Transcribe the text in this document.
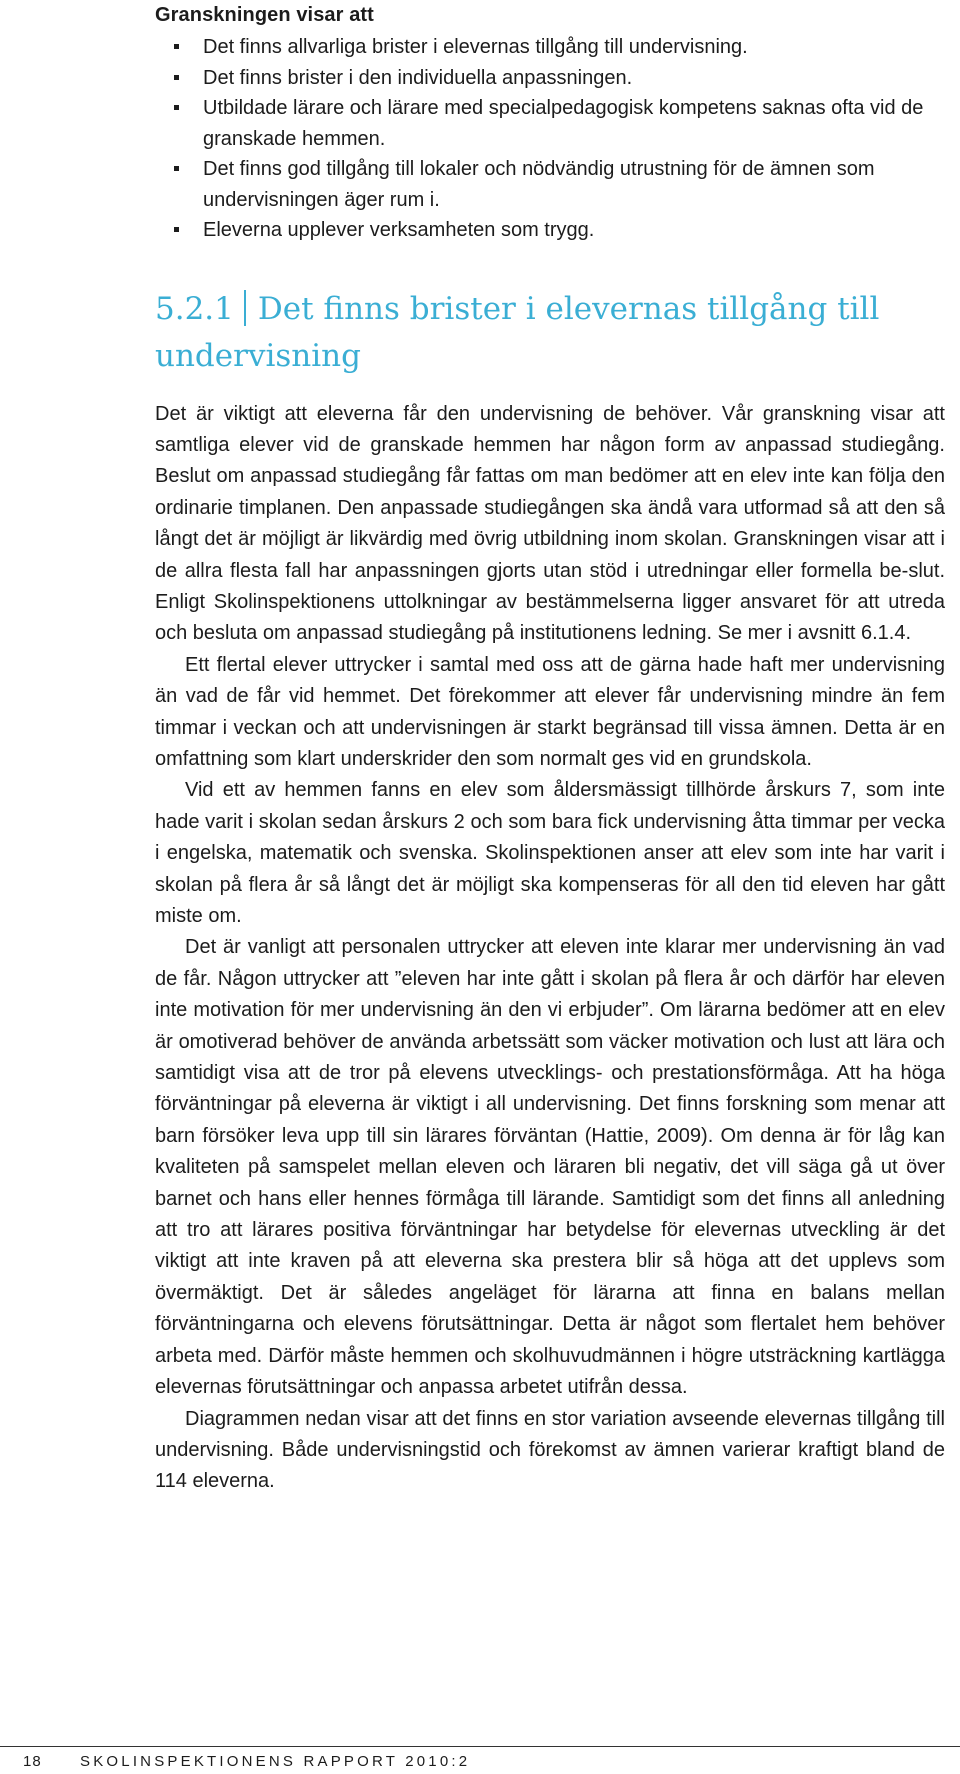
Granskningen visar att
Det finns allvarliga brister i elevernas tillgång till undervisning.
Det finns brister i den individuella anpassningen.
Utbildade lärare och lärare med specialpedagogisk kompetens saknas ofta vid de granskade hemmen.
Det finns god tillgång till lokaler och nödvändig utrustning för de ämnen som undervisningen äger rum i.
Eleverna upplever verksamheten som trygg.
5.2.1 Det finns brister i elevernas tillgång till undervisning

Det är viktigt att eleverna får den undervisning de behöver. Vår granskning visar att samtliga elever vid de granskade hemmen har någon form av anpassad studiegång. Beslut om anpassad studiegång får fattas om man bedömer att en elev inte kan följa den ordinarie timplanen. Den anpassade studiegången ska ändå vara utformad så att den så långt det är möjligt är likvärdig med övrig utbildning inom skolan. Granskningen visar att i de allra flesta fall har anpassningen gjorts utan stöd i utredningar eller formella be-slut. Enligt Skolinspektionens uttolkningar av bestämmelserna ligger ansvaret för att utreda och besluta om anpassad studiegång på institutionens ledning. Se mer i avsnitt 6.1.4.

Ett flertal elever uttrycker i samtal med oss att de gärna hade haft mer undervisning än vad de får vid hemmet. Det förekommer att elever får undervisning mindre än fem timmar i veckan och att undervisningen är starkt begränsad till vissa ämnen. Detta är en omfattning som klart underskrider den som normalt ges vid en grundskola.

Vid ett av hemmen fanns en elev som åldersmässigt tillhörde årskurs 7, som inte hade varit i skolan sedan årskurs 2 och som bara fick undervisning åtta timmar per vecka i engelska, matematik och svenska. Skolinspektionen anser att elev som inte har varit i skolan på flera år så långt det är möjligt ska kompenseras för all den tid eleven har gått miste om.

Det är vanligt att personalen uttrycker att eleven inte klarar mer undervisning än vad de får. Någon uttrycker att ”eleven har inte gått i skolan på flera år och därför har eleven inte motivation för mer undervisning än den vi erbjuder”. Om lärarna bedömer att en elev är omotiverad behöver de använda arbetssätt som väcker motivation och lust att lära och samtidigt visa att de tror på elevens utvecklings- och prestationsförmåga. Att ha höga förväntningar på eleverna är viktigt i all undervisning. Det finns forskning som menar att barn försöker leva upp till sin lärares förväntan (Hattie, 2009). Om denna är för låg kan kvaliteten på samspelet mellan eleven och läraren bli negativ, det vill säga gå ut över barnet och hans eller hennes förmåga till lärande. Samtidigt som det finns all anledning att tro att lärares positiva förväntningar har betydelse för elevernas utveckling är det viktigt att inte kraven på att eleverna ska prestera blir så höga att det upplevs som övermäktigt. Det är således angeläget för lärarna att finna en balans mellan förväntningarna och elevens förutsättningar. Detta är något som flertalet hem behöver arbeta med. Därför måste hemmen och skolhuvudmännen i högre utsträckning kartlägga elevernas förutsättningar och anpassa arbetet utifrån dessa.

Diagrammen nedan visar att det finns en stor variation avseende elevernas tillgång till undervisning. Både undervisningstid och förekomst av ämnen varierar kraftigt bland de 114 eleverna.

18	SKOLINSPEKTIONENS RAPPORT 2010:2
